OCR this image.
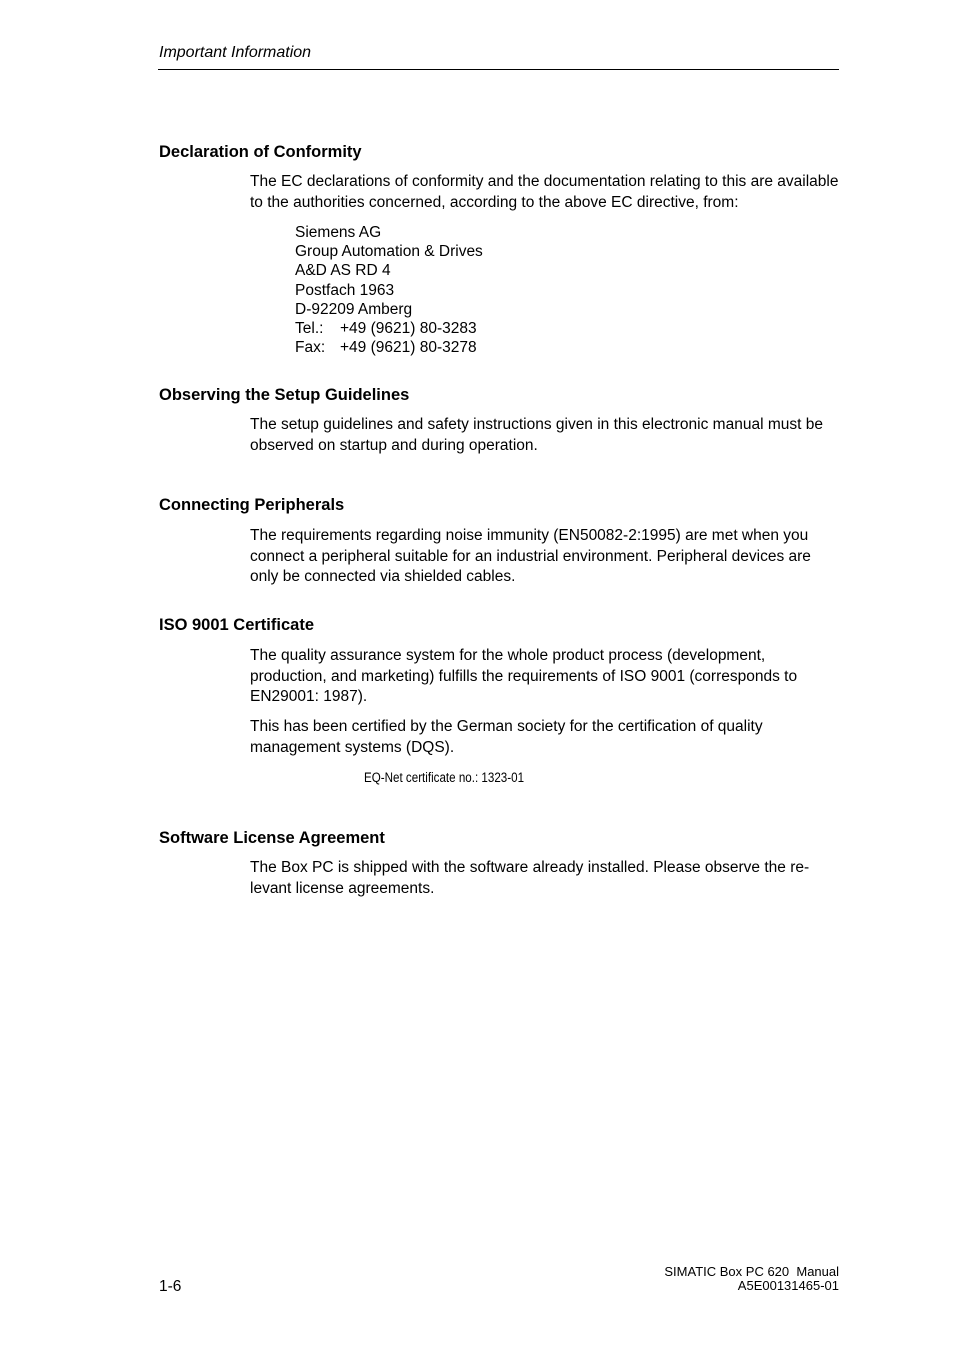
Important Information
Declaration of Conformity
The EC declarations of conformity and the documentation relating to this are available to the authorities concerned, according to the above EC directive, from:
Siemens AG
Group Automation & Drives
A&D AS RD 4
Postfach 1963
D-92209 Amberg
Tel.: +49 (9621) 80-3283
Fax: +49 (9621) 80-3278
Observing the Setup Guidelines
The setup guidelines and safety instructions given in this electronic manual must be observed on startup and during operation.
Connecting Peripherals
The requirements regarding noise immunity (EN50082-2:1995) are met when you connect a peripheral suitable for an industrial environment. Peripheral devices are only be connected via shielded cables.
ISO 9001 Certificate
The quality assurance system for the whole product process (development, production, and marketing) fulfills the requirements of ISO 9001 (corresponds to EN29001: 1987).
This has been certified by the German society for the certification of quality management systems (DQS).
EQ-Net certificate no.: 1323-01
Software License Agreement
The Box PC is shipped with the software already installed. Please observe the re-levant license agreements.
1-6
SIMATIC Box PC 620  Manual
A5E00131465-01
